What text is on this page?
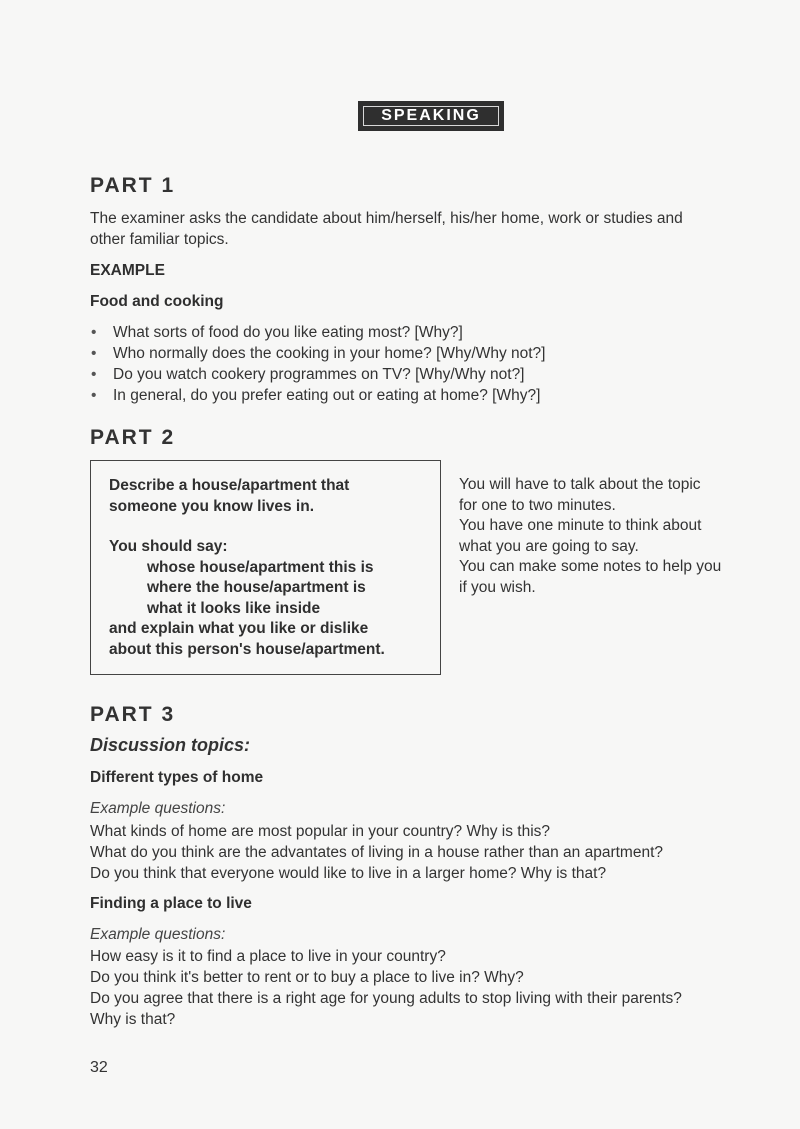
SPEAKING
PART 1
The examiner asks the candidate about him/herself, his/her home, work or studies and
other familiar topics.
EXAMPLE
Food and cooking
• What sorts of food do you like eating most? [Why?]
• Who normally does the cooking in your home? [Why/Why not?]
• Do you watch cookery programmes on TV? [Why/Why not?]
• In general, do you prefer eating out or eating at home? [Why?]
PART 2
Describe a house/apartment that
someone you know lives in.
You should say:
whose house/apartment this is
where the house/apartment is
what it looks like inside
and explain what you like or dislike
about this person's house/apartment.
You will have to talk about the topic
for one to two minutes.
You have one minute to think about
what you are going to say.
You can make some notes to help you
if you wish.
PART 3
Discussion topics:
Different types of home
Example questions:
What kinds of home are most popular in your country? Why is this?
What do you think are the advantates of living in a house rather than an apartment?
Do you think that everyone would like to live in a larger home? Why is that?
Finding a place to live
Example questions:
How easy is it to find a place to live in your country?
Do you think it's better to rent or to buy a place to live in? Why?
Do you agree that there is a right age for young adults to stop living with their parents?
Why is that?
32
